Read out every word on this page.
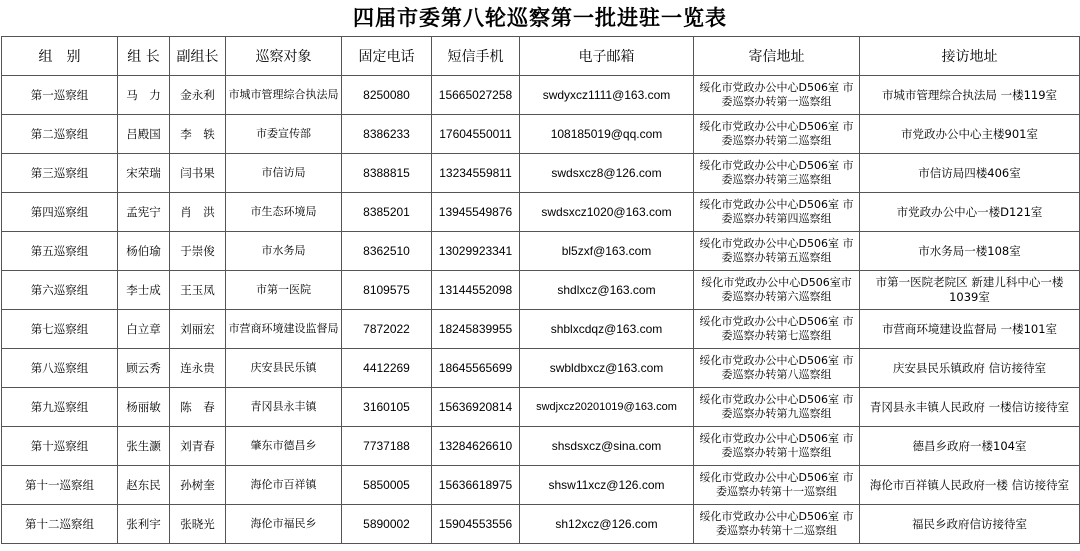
四届市委第八轮巡察第一批进驻一览表
组　别	组 长	副组长	巡察对象	固定电话	短信手机	电子邮箱	寄信地址	接访地址
第一巡察组	马　力	金永利	市城市管理综合执法局	8250080	15665027258	swdyxcz1111@163.com	绥化市党政办公中心D506室 市委巡察办转第一巡察组	市城市管理综合执法局 一楼119室
第二巡察组	吕殿国	李　轶	市委宣传部	8386233	17604550011	108185019@qq.com	绥化市党政办公中心D506室 市委巡察办转第二巡察组	市党政办公中心主楼901室
第三巡察组	宋荣瑞	闫书果	市信访局	8388815	13234559811	swdsxcz8@126.com	绥化市党政办公中心D506室 市委巡察办转第三巡察组	市信访局四楼406室
第四巡察组	孟宪宁	肖　洪	市生态环境局	8385201	13945549876	swdsxcz1020@163.com	绥化市党政办公中心D506室 市委巡察办转第四巡察组	市党政办公中心一楼D121室
第五巡察组	杨伯瑜	于崇俊	市水务局	8362510	13029923341	bl5zxf@163.com	绥化市党政办公中心D506室 市委巡察办转第五巡察组	市水务局一楼108室
第六巡察组	李士成	王玉凤	市第一医院	8109575	13144552098	shdlxcz@163.com	绥化市党政办公中心D506室市委巡察办转第六巡察组	市第一医院老院区 新建儿科中心一楼1039室
第七巡察组	白立章	刘丽宏	市营商环境建设监督局	7872022	18245839955	shblxcdqz@163.com	绥化市党政办公中心D506室 市委巡察办转第七巡察组	市营商环境建设监督局 一楼101室
第八巡察组	顾云秀	连永贵	庆安县民乐镇	4412269	18645565699	swbldbxcz@163.com	绥化市党政办公中心D506室 市委巡察办转第八巡察组	庆安县民乐镇政府 信访接待室
第九巡察组	杨丽敏	陈　春	青冈县永丰镇	3160105	15636920814	swdjxcz20201019@163.com	绥化市党政办公中心D506室 市委巡察办转第九巡察组	青冈县永丰镇人民政府 一楼信访接待室
第十巡察组	张生灏	刘青春	肇东市德昌乡	7737188	13284626610	shsdsxcz@sina.com	绥化市党政办公中心D506室 市委巡察办转第十巡察组	德昌乡政府一楼104室
第十一巡察组	赵东民	孙树奎	海伦市百祥镇	5850005	15636618975	shsw11xcz@126.com	绥化市党政办公中心D506室 市委巡察办转第十一巡察组	海伦市百祥镇人民政府一楼 信访接待室
第十二巡察组	张利宇	张晓光	海伦市福民乡	5890002	15904553556	sh12xcz@126.com	绥化市党政办公中心D506室 市委巡察办转第十二巡察组	福民乡政府信访接待室
